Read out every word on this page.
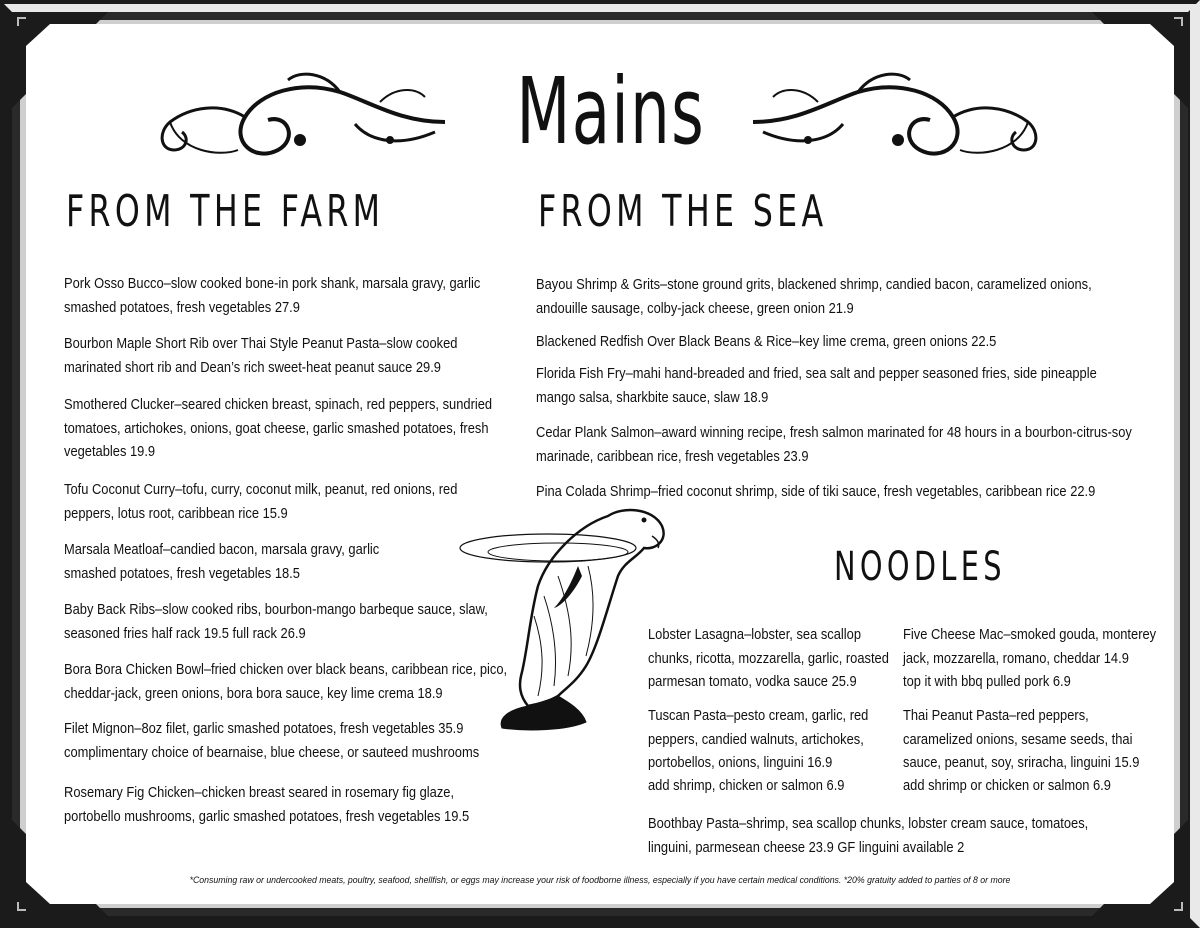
Mains
FROM THE FARM
Pork Osso Bucco–slow cooked bone-in pork shank, marsala gravy, garlic smashed potatoes, fresh vegetables 27.9
Bourbon Maple Short Rib over Thai Style Peanut Pasta–slow cooked marinated short rib and Dean’s rich sweet-heat peanut sauce 29.9
Smothered Clucker–seared chicken breast, spinach, red peppers, sundried tomatoes, artichokes, onions, goat cheese, garlic smashed potatoes, fresh vegetables 19.9
Tofu Coconut Curry–tofu, curry, coconut milk, peanut, red onions, red peppers, lotus root, caribbean rice 15.9
Marsala Meatloaf–candied bacon, marsala gravy, garlic smashed potatoes, fresh vegetables 18.5
Baby Back Ribs–slow cooked ribs, bourbon-mango barbeque sauce, slaw, seasoned fries half rack 19.5 full rack 26.9
Bora Bora Chicken Bowl–fried chicken over black beans, caribbean rice, pico, cheddar-jack, green onions, bora bora sauce, key lime crema 18.9
Filet Mignon–8oz filet, garlic smashed potatoes, fresh vegetables 35.9
complimentary choice of bearnaise, blue cheese, or sauteed mushrooms
Rosemary Fig Chicken–chicken breast seared in rosemary fig glaze, portobello mushrooms, garlic smashed potatoes, fresh vegetables 19.5
FROM THE SEA
Bayou Shrimp & Grits–stone ground grits, blackened shrimp, candied bacon, caramelized onions, andouille sausage, colby-jack cheese, green onion 21.9
Blackened Redfish Over Black Beans & Rice–key lime crema, green onions 22.5
Florida Fish Fry–mahi hand-breaded and fried, sea salt and pepper seasoned fries, side pineapple mango salsa, sharkbite sauce, slaw 18.9
Cedar Plank Salmon–award winning recipe, fresh salmon marinated for 48 hours in a bourbon-citrus-soy marinade, caribbean rice, fresh vegetables 23.9
Pina Colada Shrimp–fried coconut shrimp, side of tiki sauce, fresh vegetables, caribbean rice 22.9
NOODLES
Lobster Lasagna–lobster, sea scallop chunks, ricotta, mozzarella, garlic, roasted parmesan tomato, vodka sauce 25.9
Five Cheese Mac–smoked gouda, monterey jack, mozzarella, romano, cheddar 14.9
top it with bbq pulled pork 6.9
Tuscan Pasta–pesto cream, garlic, red peppers, candied walnuts, artichokes, portobellos, onions, linguini 16.9
add shrimp, chicken or salmon 6.9
Thai Peanut Pasta–red peppers, caramelized onions, sesame seeds, thai sauce, peanut, soy, sriracha, linguini 15.9
add shrimp or chicken or salmon 6.9
Boothbay Pasta–shrimp, sea scallop chunks, lobster cream sauce, tomatoes, linguini, parmesean cheese 23.9 GF linguini available 2
*Consuming raw or undercooked meats, poultry, seafood, shellfish, or eggs may increase your risk of foodborne illness, especially if you have certain medical conditions. *20% gratuity added to parties of 8 or more
